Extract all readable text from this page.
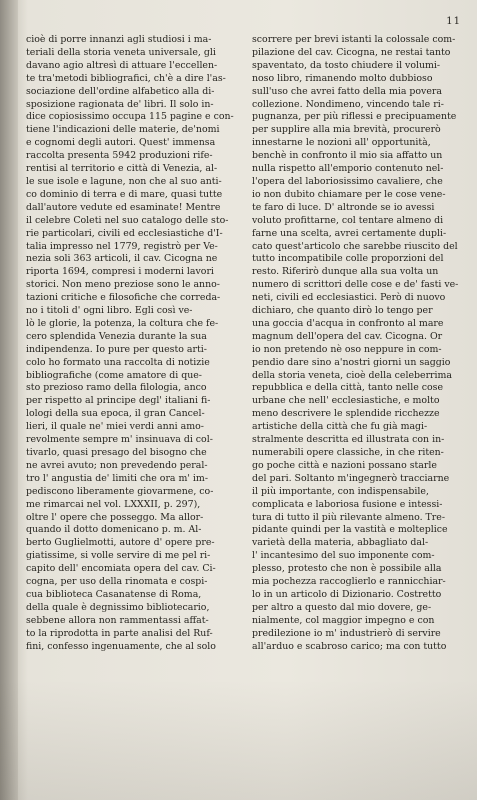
11
cioè di porre innanzi agli studiosi i ma-
teriali della storia veneta universale, gli
davano agio altresì di attuare l'eccellen-
te tra'metodi bibliografici, ch'è a dire l'as-
sociazione dell'ordine alfabetico alla di-
sposizione ragionata de' libri. Il solo in-
dice copiosissimo occupa 115 pagine e con-
tiene l'indicazioni delle materie, de'nomi
e cognomi degli autori. Quest' immensa
raccolta presenta 5942 produzioni rife-
rentisi al territorio e città di Venezia, al-
le sue isole e lagune, non che al suo anti-
co dominio di terra e di mare, quasi tutte
dall'autore vedute ed esaminate! Mentre
il celebre Coleti nel suo catalogo delle sto-
rie particolari, civili ed ecclesiastiche d'I-
talia impresso nel 1779, registrò per Ve-
nezia soli 363 articoli, il cav. Cicogna ne
riporta 1694, compresi i moderni lavori
storici. Non meno preziose sono le anno-
tazioni critiche e filosofiche che correda-
no i titoli d' ogni libro. Egli così ve-
lò le glorie, la potenza, la coltura che fe-
cero splendida Venezia durante la sua
indipendenza. Io pure per questo arti-
colo ho formato una raccolta di notizie
bibliografiche (come amatore di que-
sto prezioso ramo della filologia, anco
per rispetto al principe degl' italiani fi-
lologi della sua epoca, il gran Cancel-
lieri, il quale ne' miei verdi anni amo-
revolmente sempre m' insinuava di col-
tivarlo, quasi presago del bisogno che
ne avrei avuto; non prevedendo peral-
tro l' angustia de' limiti che ora m' im-
pediscono liberamente giovarmene, co-
me rimarcai nel vol. LXXXII, p. 297),
oltre l' opere che posseggo. Ma allor-
quando il dotto domenicano p. m. Al-
berto Guglielmotti, autore d' opere pre-
giatissime, si volle servire di me pel ri-
capito dell' encomiata opera del cav. Ci-
cogna, per uso della rinomata e cospi-
cua biblioteca Casanatense di Roma,
della quale è degnissimo bibliotecario,
sebbene allora non rammentassi affat-
to la riprodotta in parte analisi del Ruf-
fini, confesso ingenuamente, che al solo
scorrere per brevi istanti la colossale com-
pilazione del cav. Cicogna, ne restai tanto
spaventato, da tosto chiudere il volumi-
noso libro, rimanendo molto dubbioso
sull'uso che avrei fatto della mia povera
collezione. Nondimeno, vincendo tale ri-
pugnanza, per più riflessi e precipuamente
per supplire alla mia brevità, procurerò
innestarne le nozioni all' opportunità,
benchè in confronto il mio sia affatto un
nulla rispetto all'emporio contenuto nel-
l'opera del laboriosissimo cavaliere, che
io non dubito chiamare per le cose vene-
te faro di luce. D' altronde se io avessi
voluto profittarne, col tentare almeno di
farne una scelta, avrei certamente dupli-
cato quest'articolo che sarebbe riuscito del
tutto incompatibile colle proporzioni del
resto. Riferirò dunque alla sua volta un
numero di scrittori delle cose e de' fasti ve-
neti, civili ed ecclesiastici. Però di nuovo
dichiaro, che quanto dirò lo tengo per
una goccia d'acqua in confronto al mare
magnum dell'opera del cav. Cicogna. Or
io non pretendo nè oso neppure in com-
pendio dare sino a'nostri giorni un saggio
della storia veneta, cioè della celeberrima
repubblica e della città, tanto nelle cose
urbane che nell' ecclesiastiche, e molto
meno descrivere le splendide ricchezze
artistiche della città che fu già magi-
stralmente descritta ed illustrata con in-
numerabili opere classiche, in che riten-
go poche città e nazioni possano starle
del pari. Soltanto m'ingegnerò tracciarne
il più importante, con indispensabile,
complicata e laboriosa fusione e intessi-
tura di tutto il più rilevante almeno. Tre-
pidante quindi per la vastità e molteplice
varietà della materia, abbagliato dal-
l' incantesimo del suo imponente com-
plesso, protesto che non è possibile alla
mia pochezza raccoglierlo e rannicchiar-
lo in un articolo di Dizionario. Costretto
per altro a questo dal mio dovere, ge-
nialmente, col maggior impegno e con
predilezione io m' industrierò di servire
all'arduo e scabroso carico; ma con tutto
